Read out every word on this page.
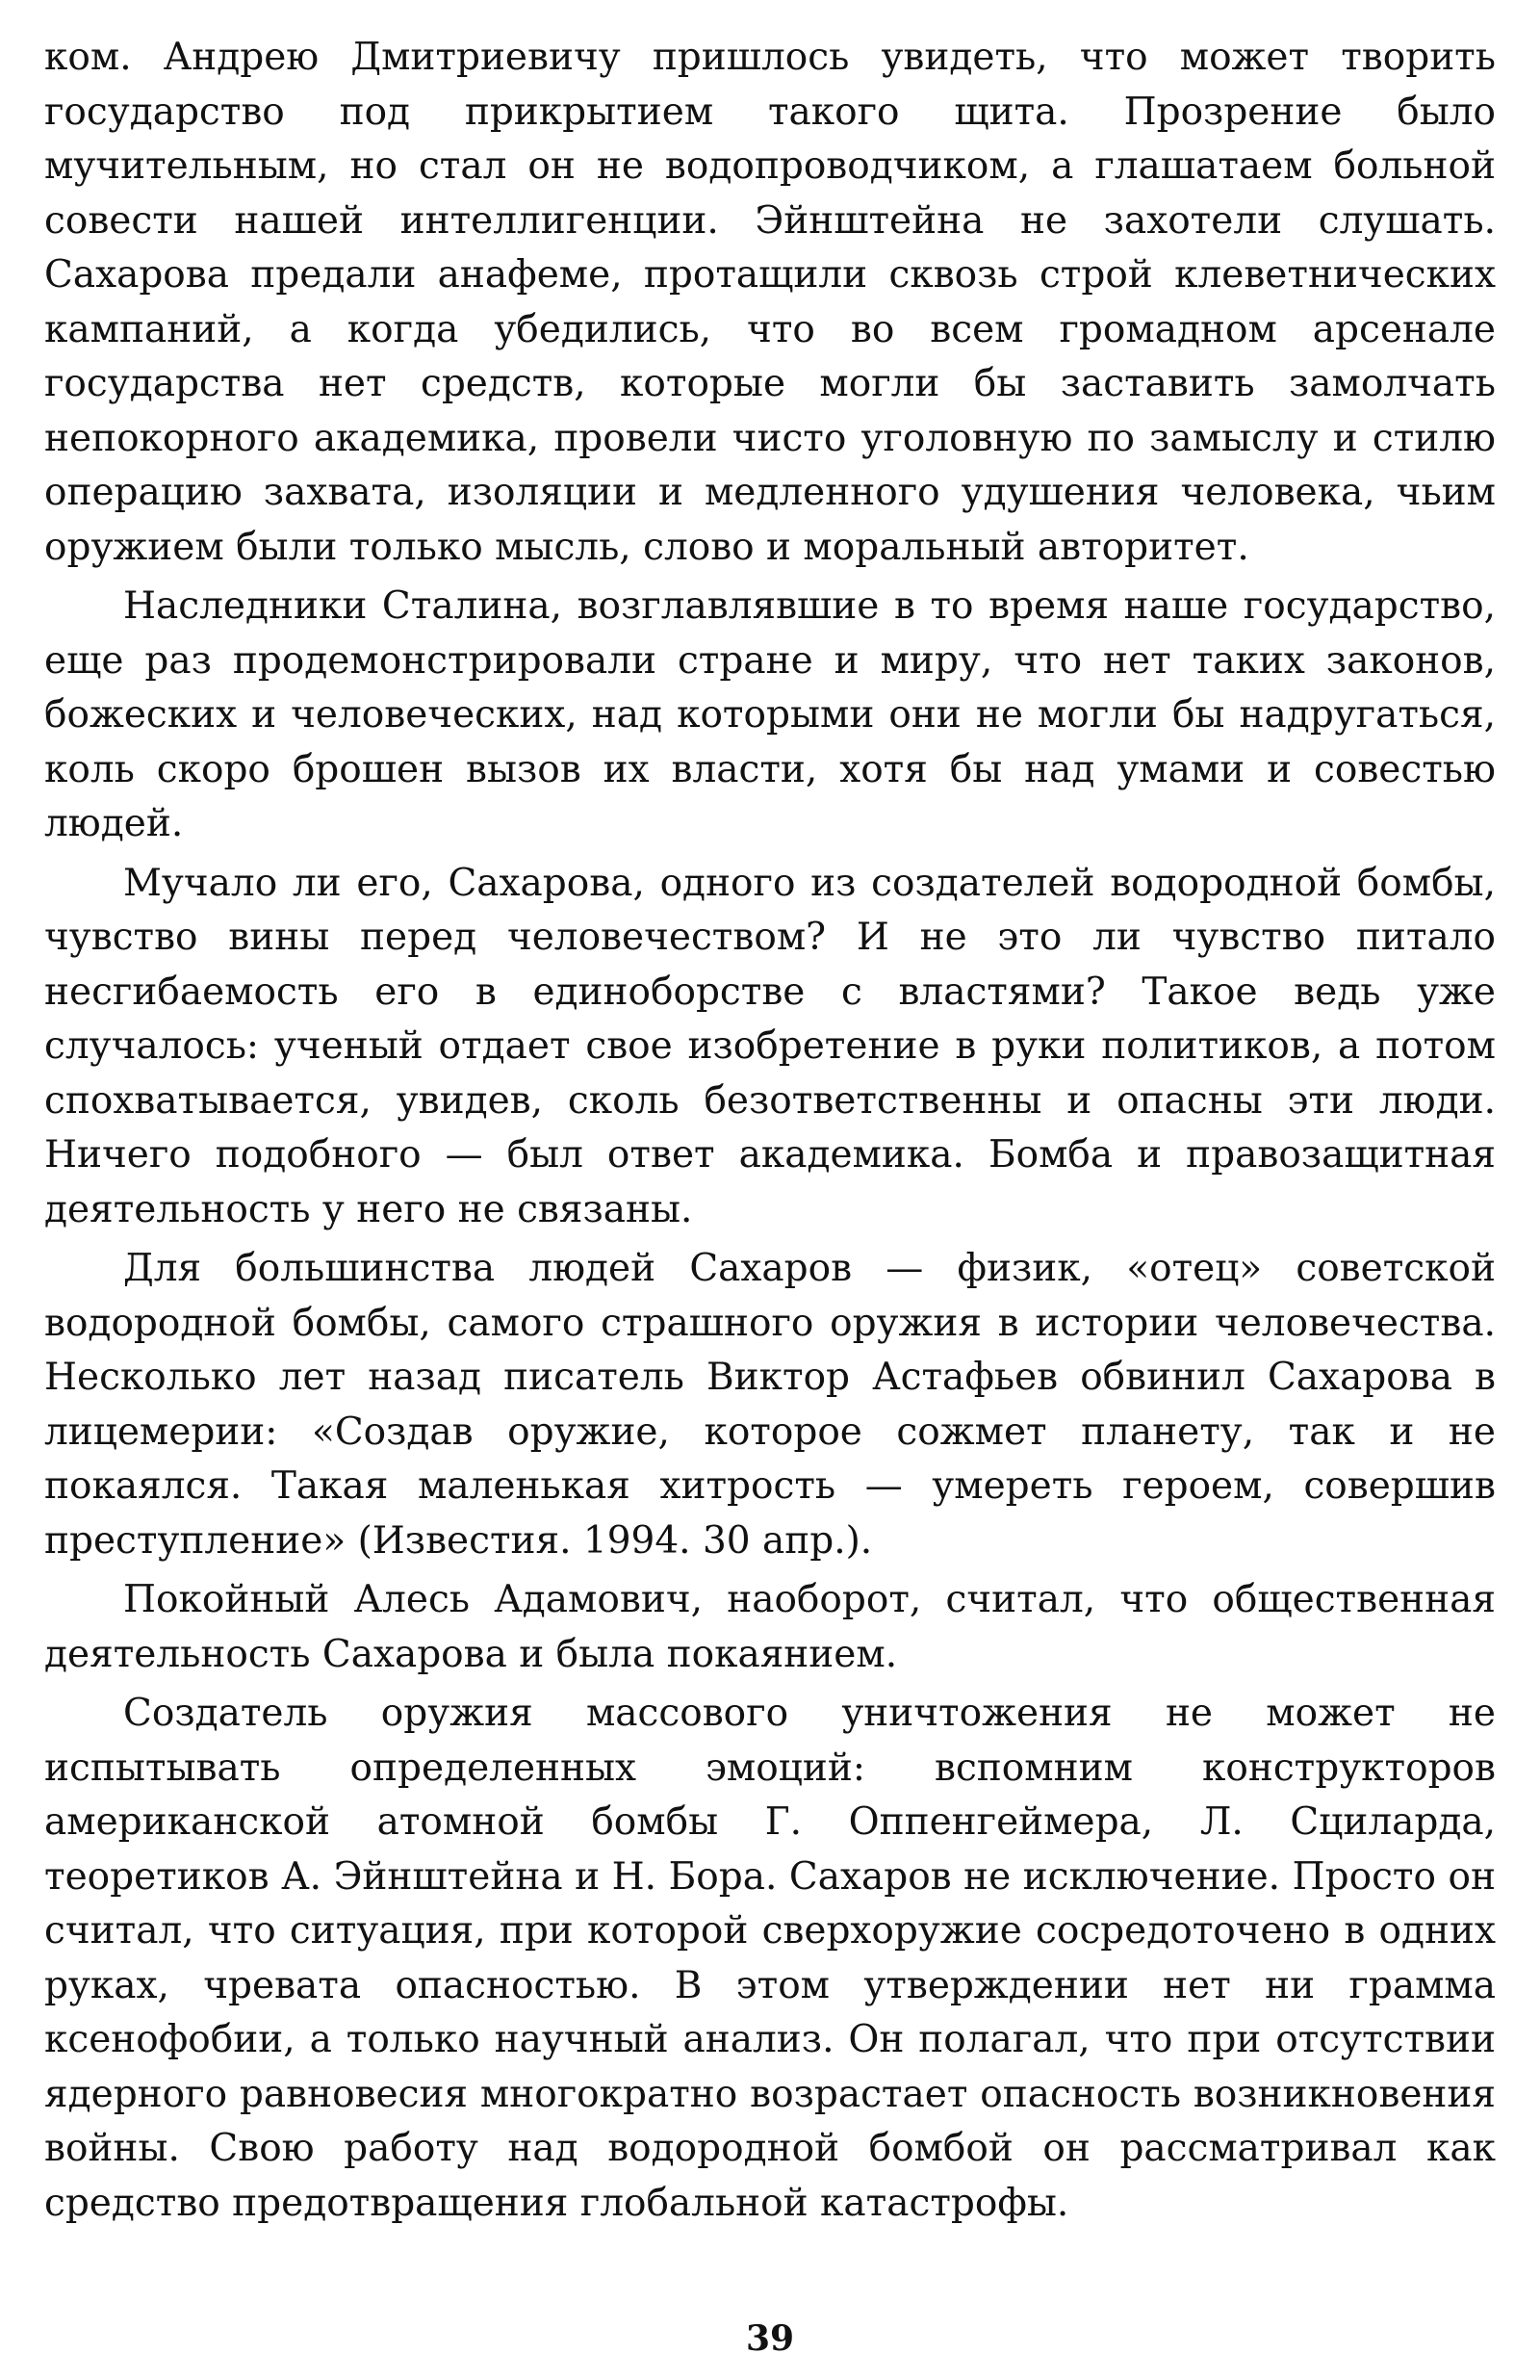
ком. Андрею Дмитриевичу пришлось увидеть, что может творить государство под прикрытием такого щита. Прозрение было мучительным, но стал он не водопроводчиком, а глашатаем больной совести нашей интеллигенции. Эйнштейна не захотели слушать. Сахарова предали анафеме, протащили сквозь строй клеветнических кампаний, а когда убедились, что во всем громадном арсенале государства нет средств, которые могли бы заставить замолчать непокорного академика, провели чисто уголовную по замыслу и стилю операцию захвата, изоляции и медленного удушения человека, чьим оружием были только мысль, слово и моральный авторитет.

Наследники Сталина, возглавлявшие в то время наше государство, еще раз продемонстрировали стране и миру, что нет таких законов, божеских и человеческих, над которыми они не могли бы надругаться, коль скоро брошен вызов их власти, хотя бы над умами и совестью людей.

Мучало ли его, Сахарова, одного из создателей водородной бомбы, чувство вины перед человечеством? И не это ли чувство питало несгибаемость его в единоборстве с властями? Такое ведь уже случалось: ученый отдает свое изобретение в руки политиков, а потом спохватывается, увидев, сколь безответственны и опасны эти люди. Ничего подобного — был ответ академика. Бомба и правозащитная деятельность у него не связаны.

Для большинства людей Сахаров — физик, «отец» советской водородной бомбы, самого страшного оружия в истории человечества. Несколько лет назад писатель Виктор Астафьев обвинил Сахарова в лицемерии: «Создав оружие, которое сожмет планету, так и не покаялся. Такая маленькая хитрость — умереть героем, совершив преступление» (Известия. 1994. 30 апр.).

Покойный Алесь Адамович, наоборот, считал, что общественная деятельность Сахарова и была покаянием.

Создатель оружия массового уничтожения не может не испытывать определенных эмоций: вспомним конструкторов американской атомной бомбы Г. Оппенгеймера, Л. Сциларда, теоретиков А. Эйнштейна и Н. Бора. Сахаров не исключение. Просто он считал, что ситуация, при которой сверхоружие сосредоточено в одних руках, чревата опасностью. В этом утверждении нет ни грамма ксенофобии, а только научный анализ. Он полагал, что при отсутствии ядерного равновесия многократно возрастает опасность возникновения войны. Свою работу над водородной бомбой он рассматривал как средство предотвращения глобальной катастрофы.

39
